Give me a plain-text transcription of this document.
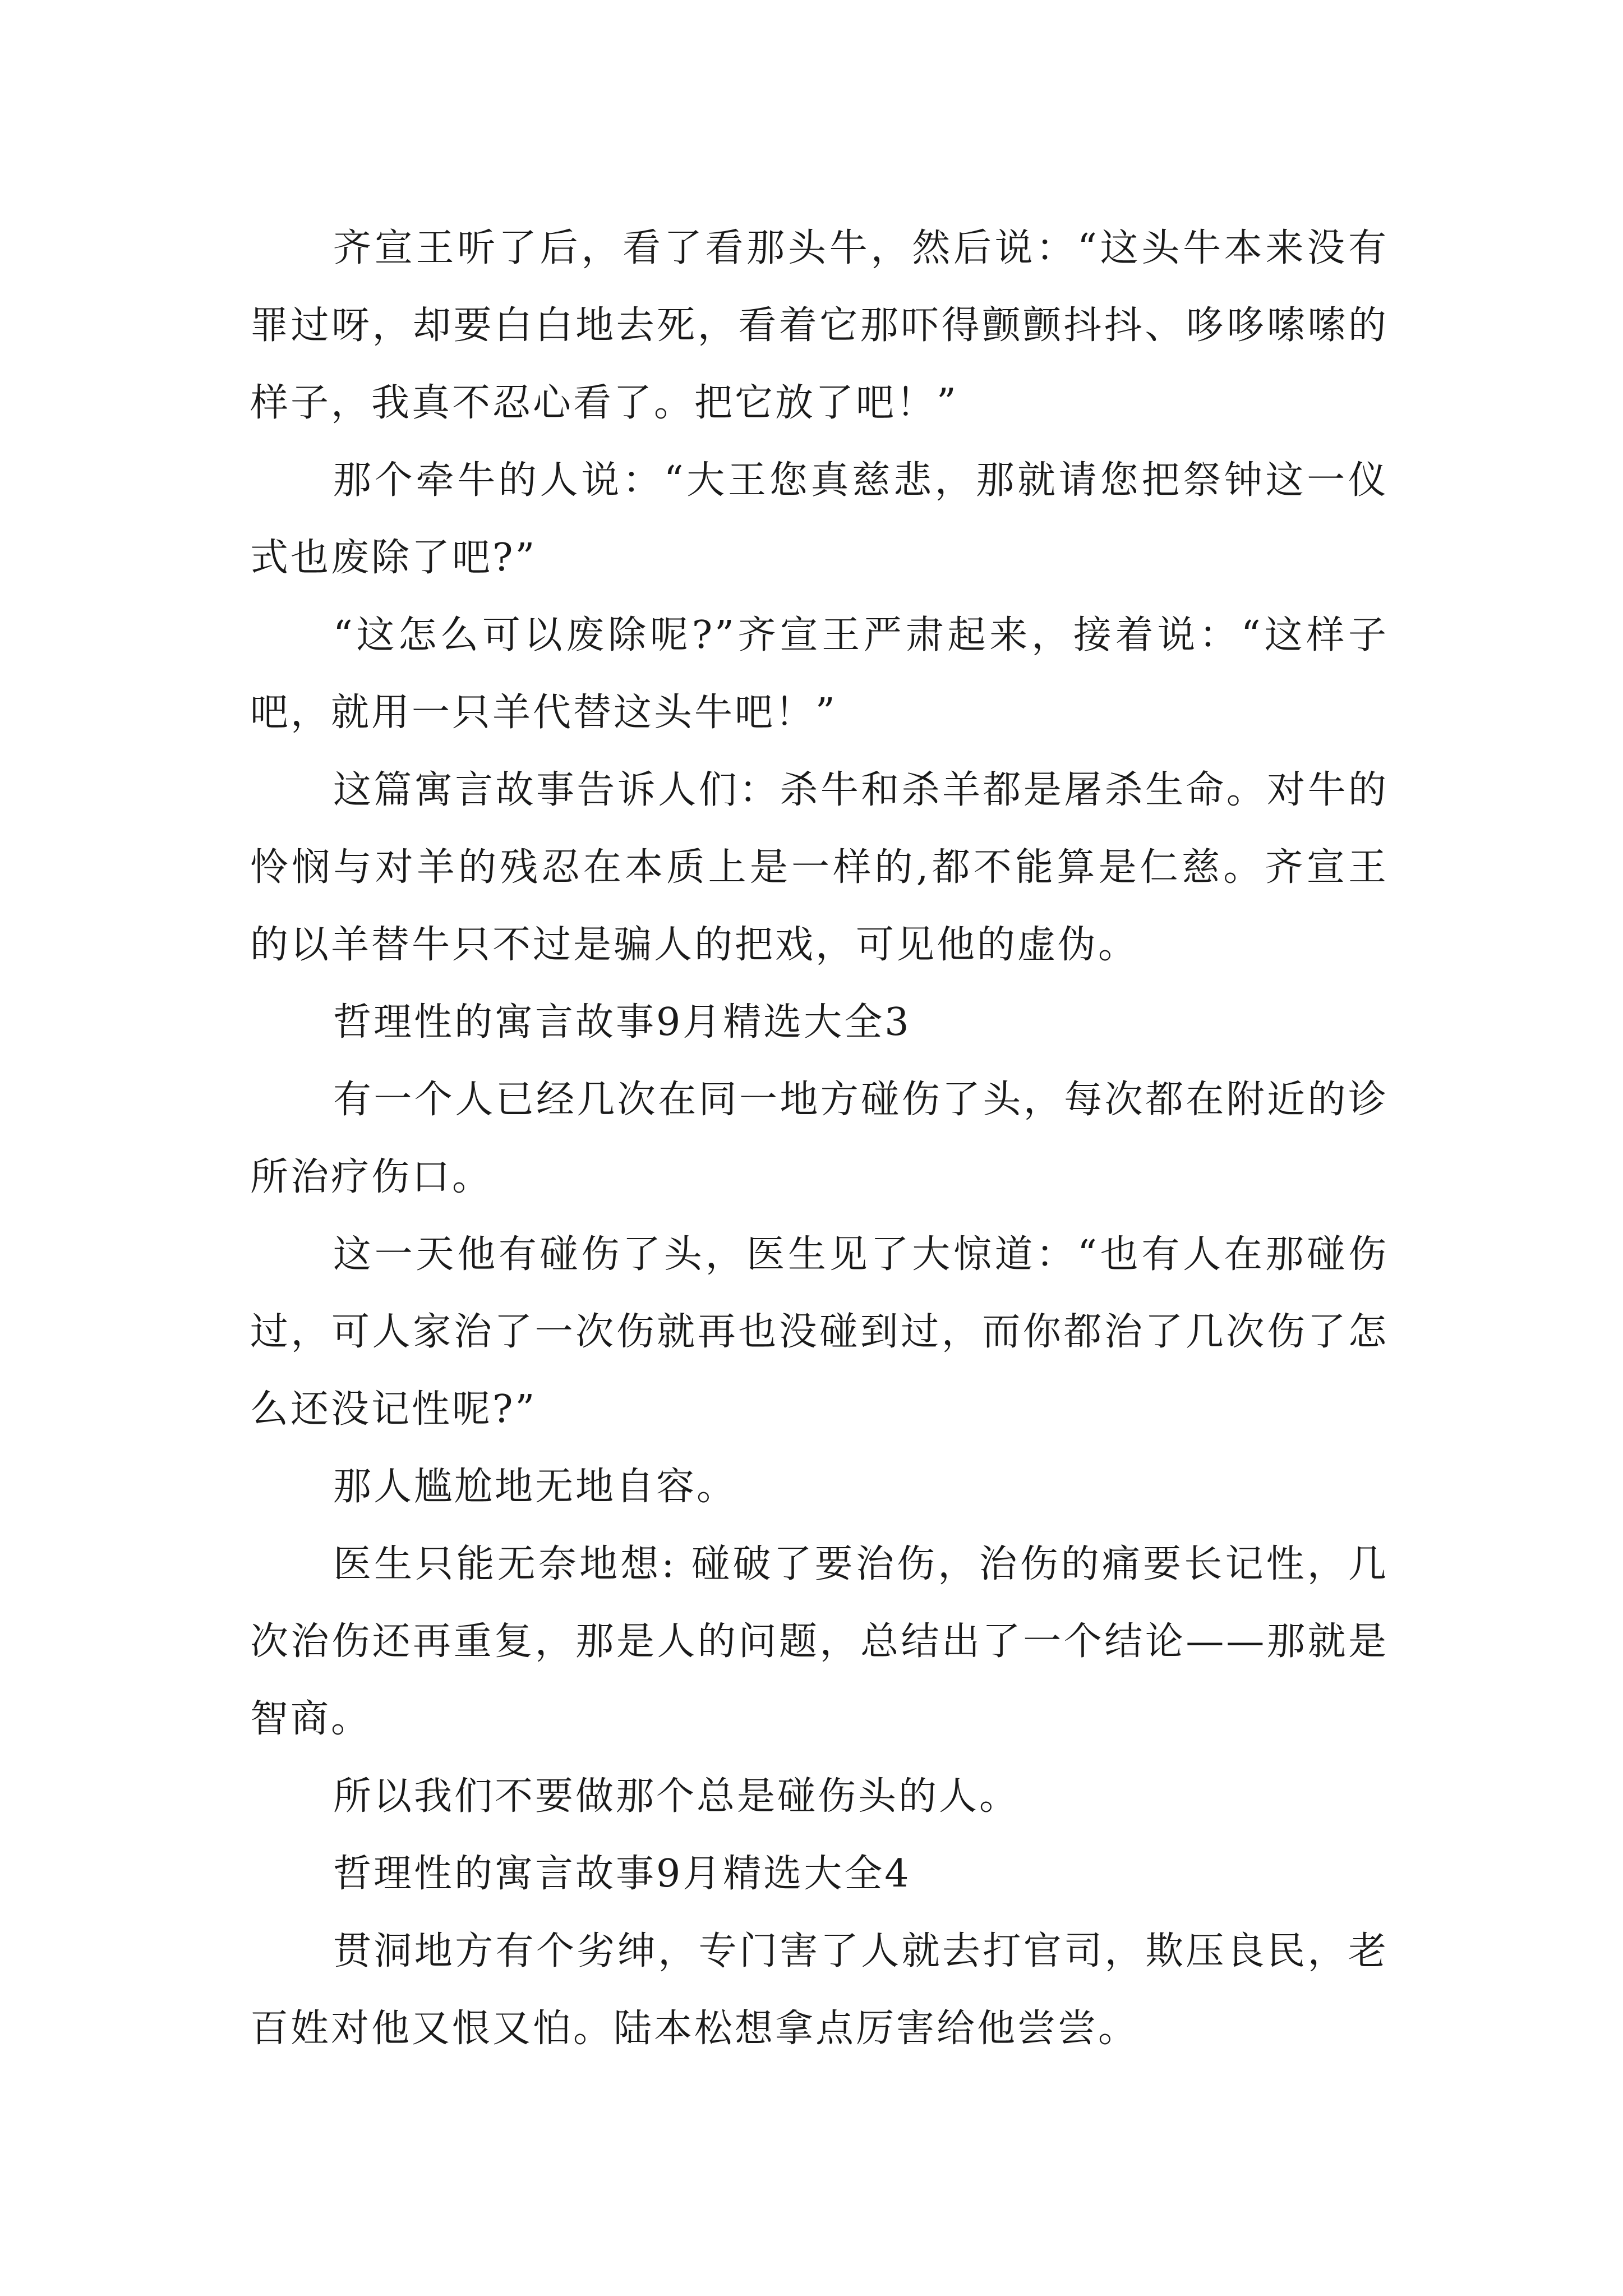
齐宣王听了后，看了看那头牛，然后说：“这头牛本来没有罪过呀，却要白白地去死，看着它那吓得颤颤抖抖、哆哆嗦嗦的样子，我真不忍心看了。把它放了吧！”

那个牵牛的人说：“大王您真慈悲，那就请您把祭钟这一仪式也废除了吧?”

“这怎么可以废除呢?”齐宣王严肃起来，接着说：“这样子吧，就用一只羊代替这头牛吧！”

这篇寓言故事告诉人们：杀牛和杀羊都是屠杀生命。对牛的怜悯与对羊的残忍在本质上是一样的,都不能算是仁慈。齐宣王的以羊替牛只不过是骗人的把戏，可见他的虚伪。

哲理性的寓言故事9月精选大全3

有一个人已经几次在同一地方碰伤了头，每次都在附近的诊所治疗伤口。

这一天他有碰伤了头，医生见了大惊道：“也有人在那碰伤过，可人家治了一次伤就再也没碰到过，而你都治了几次伤了怎么还没记性呢?”

那人尴尬地无地自容。

医生只能无奈地想: 碰破了要治伤，治伤的痛要长记性，几次治伤还再重复，那是人的问题，总结出了一个结论——那就是智商。

所以我们不要做那个总是碰伤头的人。

哲理性的寓言故事9月精选大全4

贯洞地方有个劣绅，专门害了人就去打官司，欺压良民，老百姓对他又恨又怕。陆本松想拿点厉害给他尝尝。
